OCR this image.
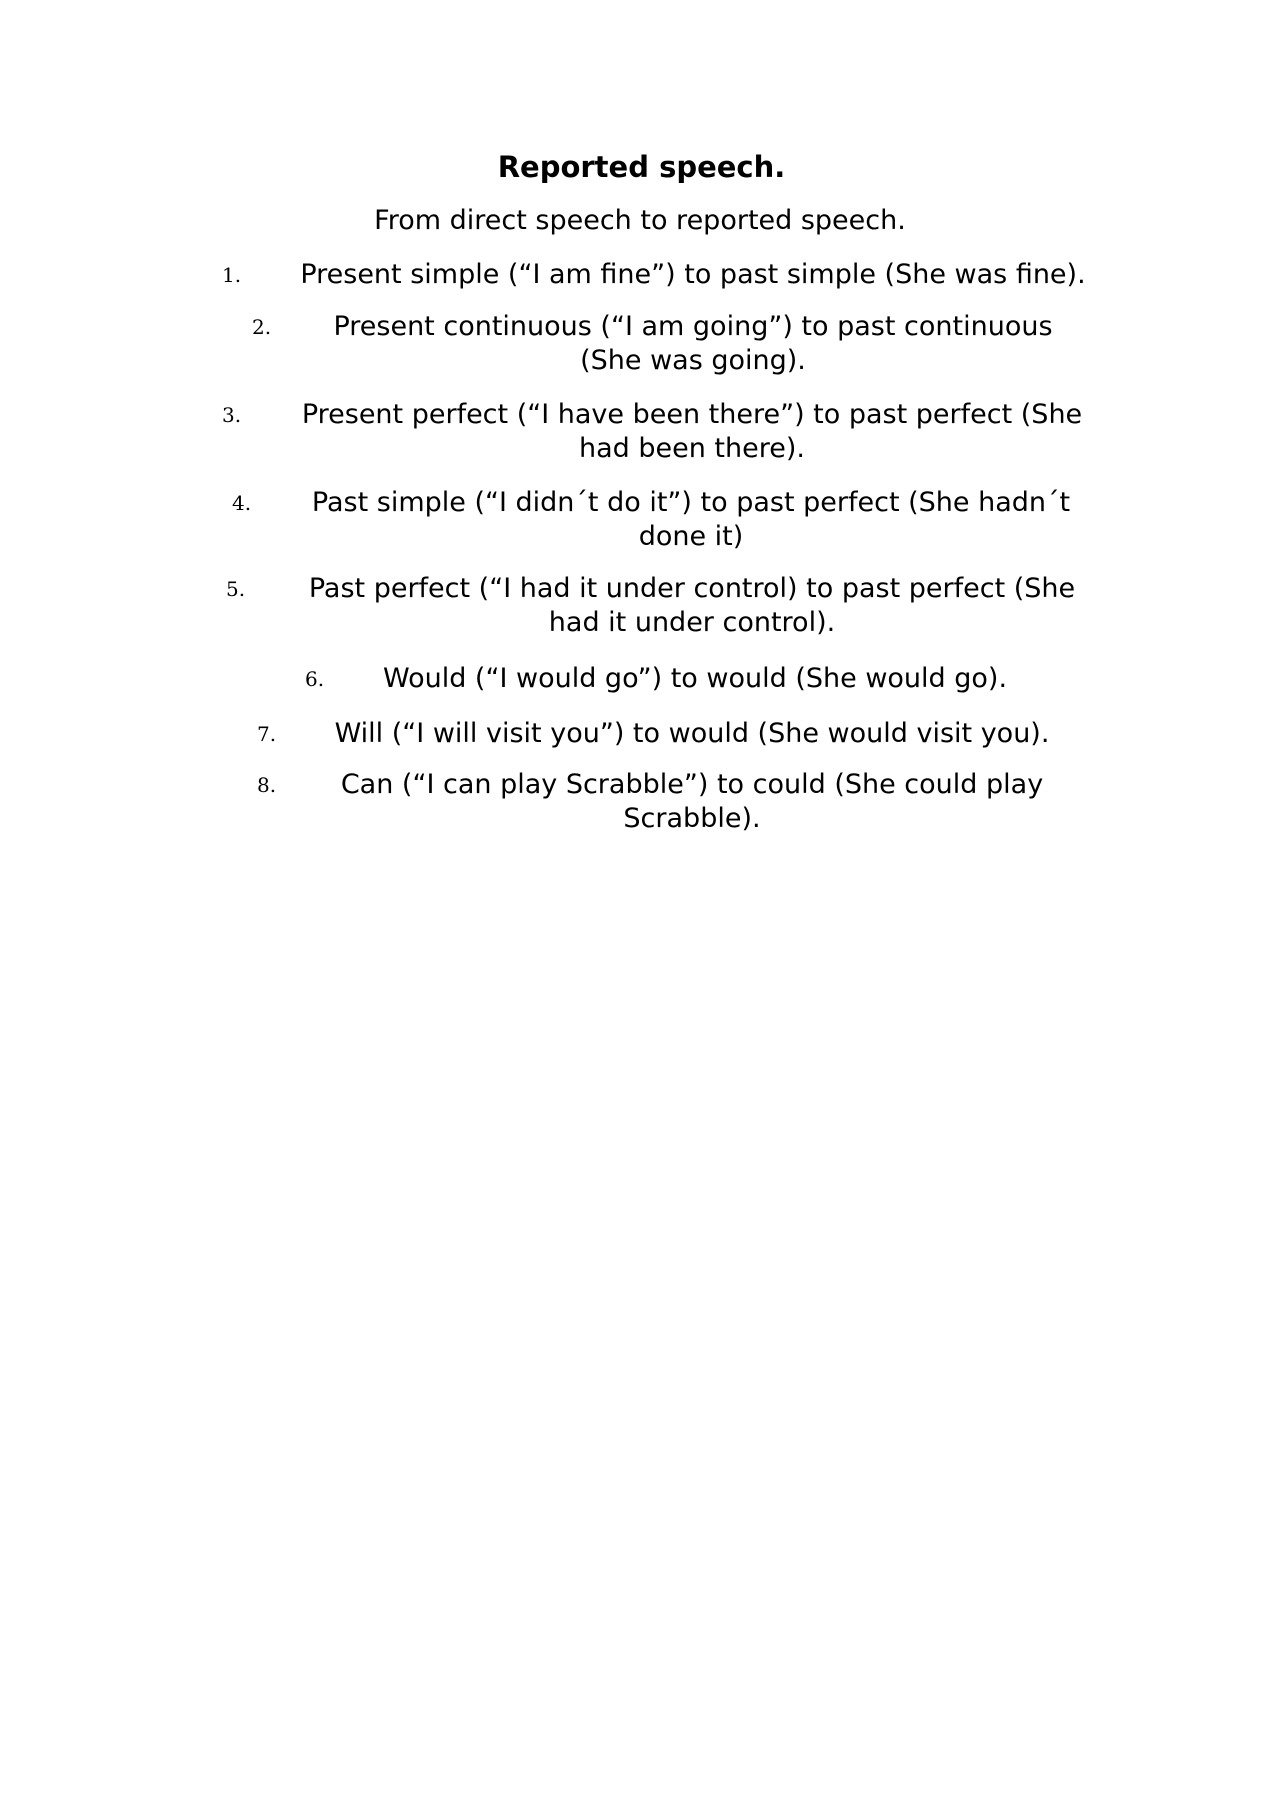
Reported speech.
From direct speech to reported speech.
1.	Present simple (“I am fine”) to past simple (She was fine).
2.	Present continuous (“I am going”) to past continuous (She was going).
3.	Present perfect (“I have been there”) to past perfect (She had been there).
4.	Past simple (“I didn´t do it”) to past perfect (She hadn´t done it)
5.	Past perfect (“I had it under control) to past perfect (She had it under control).
6.	Would (“I would go”) to would (She would go).
7.	Will (“I will visit you”) to would (She would visit you).
8.	Can (“I can play Scrabble”) to could (She could play Scrabble).
